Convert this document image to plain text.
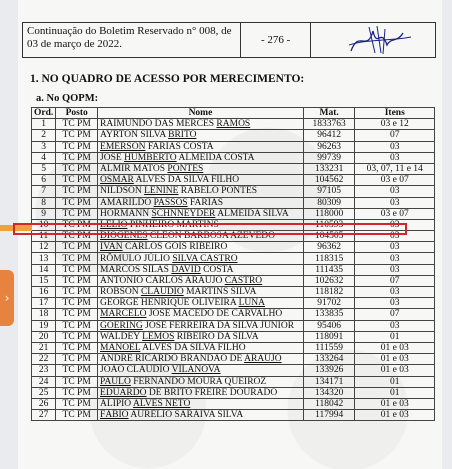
Continuação do Boletim Reservado n° 008, de 03 de março de 2022.	- 276 -
1. NO QUADRO DE ACESSO POR MERECIMENTO:
a. No QOPM:
Ord.	Posto	Nome	Mat.	Itens
1	TC PM	RAIMUNDO DAS MERCES RAMOS	1833763	03 e 12
2	TC PM	AYRTON SILVA BRITO	96412	07
3	TC PM	EMERSON FARIAS COSTA	96263	03
4	TC PM	JOSÉ HUMBERTO ALMEIDA COSTA	99739	03
5	TC PM	ALMIR MATOS PONTES	133231	03, 07, 11 e 14
6	TC PM	OSMAR ALVES DA SILVA FILHO	104562	03 e 07
7	TC PM	NILDSON LENINE RABELO PONTES	97105	03
8	TC PM	AMARILDO PASSOS FARIAS	80309	03
9	TC PM	HORMANN SCHNNEYDER ALMEIDA SILVA	118000	03 e 07
10	TC PM	LÉLIO PINHEIRO MARTINS	110593	03
11	TC PM	DIÓGENES CLEON BARBOSA AZEVEDO	104505	03
12	TC PM	IVAN CARLOS GÓIS RIBEIRO	96362	03
13	TC PM	RÔMULO JÚLIO SILVA CASTRO	118315	03
14	TC PM	MARCOS SILAS DAVID COSTA	111435	03
15	TC PM	ANTONIO CARLOS ARAÚJO CASTRO	102632	07
16	TC PM	ROBSON CLÁUDIO MARTINS SILVA	118182	03
17	TC PM	GEORGE HENRIQUE OLIVEIRA LUNA	91702	03
18	TC PM	MARCELO JOSÉ MACEDO DE CARVALHO	133835	07
19	TC PM	GOERING JOSÉ FERREIRA DA SILVA JÚNIOR	95406	03
20	TC PM	WALDEY LEMOS RIBEIRO DA SILVA	118091	01
21	TC PM	MANOEL ALVES DA SILVA FILHO	111559	01 e 03
22	TC PM	ANDRÉ RICARDO BRANDÃO DE ARAÚJO	133264	01 e 03
23	TC PM	JOÃO CLÁUDIO VILANOVA	133926	01 e 03
24	TC PM	PAULO FERNANDO MOURA QUEIROZ	134171	01
25	TC PM	EDUARDO DE BRITO FREIRE DOURADO	134320	01
26	TC PM	ALÍPIO ALVES NETO	118042	01 e 03
27	TC PM	FÁBIO AURÉLIO SARAIVA SILVA	117994	01 e 03
›
